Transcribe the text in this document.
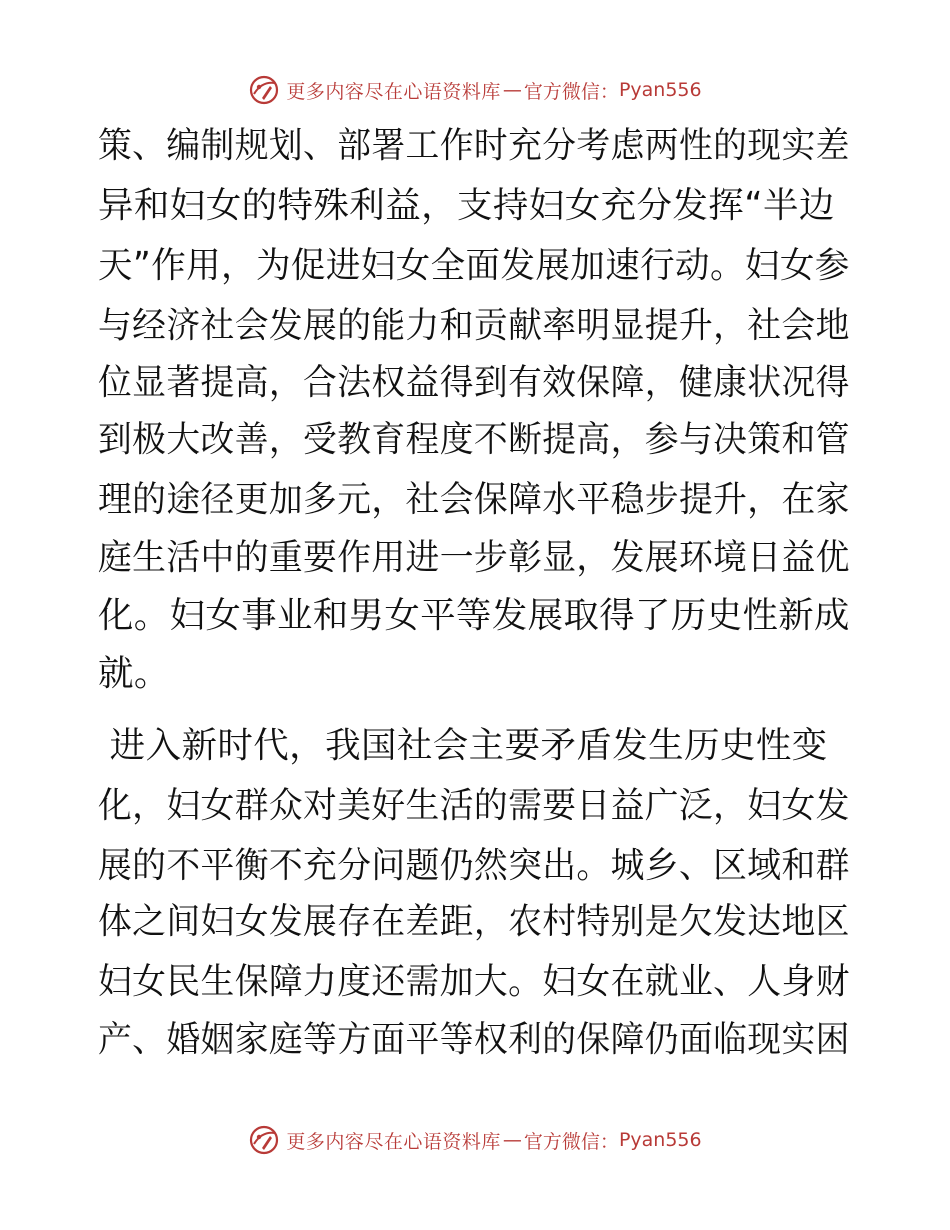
更多内容尽在心语资料库 — 官方微信： Pyan556
策、编制规划、部署工作时充分考虑两性的现实差
异和妇女的特殊利益，支持妇女充分发挥“半边
天”作用，为促进妇女全面发展加速行动。妇女参
与经济社会发展的能力和贡献率明显提升，社会地
位显著提高，合法权益得到有效保障，健康状况得
到极大改善，受教育程度不断提高，参与决策和管
理的途径更加多元，社会保障水平稳步提升，在家
庭生活中的重要作用进一步彰显，发展环境日益优
化。妇女事业和男女平等发展取得了历史性新成
就。
进入新时代，我国社会主要矛盾发生历史性变
化，妇女群众对美好生活的需要日益广泛，妇女发
展的不平衡不充分问题仍然突出。城乡、区域和群
体之间妇女发展存在差距，农村特别是欠发达地区
妇女民生保障力度还需加大。妇女在就业、人身财
产、婚姻家庭等方面平等权利的保障仍面临现实困
更多内容尽在心语资料库 — 官方微信： Pyan556
